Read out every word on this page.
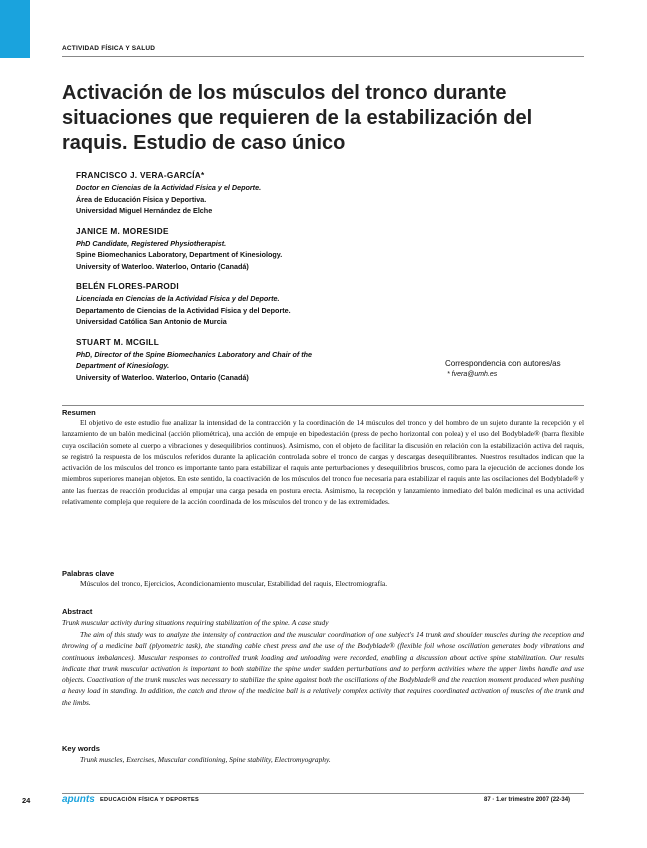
ACTIVIDAD FÍSICA Y SALUD
Activación de los músculos del tronco durante situaciones que requieren de la estabilización del raquis. Estudio de caso único
FRANCISCO J. VERA-GARCÍA*
Doctor en Ciencias de la Actividad Física y el Deporte.
Área de Educación Física y Deportiva.
Universidad Miguel Hernández de Elche
JANICE M. MORESIDE
PhD Candidate, Registered Physiotherapist.
Spine Biomechanics Laboratory, Department of Kinesiology.
University of Waterloo. Waterloo, Ontario (Canadá)
BELÉN FLORES-PARODI
Licenciada en Ciencias de la Actividad Física y del Deporte.
Departamento de Ciencias de la Actividad Física y del Deporte.
Universidad Católica San Antonio de Murcia
STUART M. MCGILL
PhD, Director of the Spine Biomechanics Laboratory and Chair of the Department of Kinesiology.
University of Waterloo. Waterloo, Ontario (Canadá)
Correspondencia con autores/as
* fvera@umh.es
Resumen
El objetivo de este estudio fue analizar la intensidad de la contracción y la coordinación de 14 músculos del tronco y del hombro de un sujeto durante la recepción y el lanzamiento de un balón medicinal (acción pliométrica), una acción de empuje en bipedestación (press de pecho horizontal con polea) y el uso del Bodyblade® (barra flexible cuya oscilación somete al cuerpo a vibraciones y desequilibrios continuos). Asimismo, con el objeto de facilitar la discusión en relación con la estabilización activa del raquis, se registró la respuesta de los músculos referidos durante la aplicación controlada sobre el tronco de cargas y descargas desequilibrantes. Nuestros resultados indican que la activación de los músculos del tronco es importante tanto para estabilizar el raquis ante perturbaciones y desequilibrios bruscos, como para la ejecución de acciones donde los miembros superiores manejan objetos. En este sentido, la coactivación de los músculos del tronco fue necesaria para estabilizar el raquis ante las oscilaciones del Bodyblade® y ante las fuerzas de reacción producidas al empujar una carga pesada en postura erecta. Asimismo, la recepción y lanzamiento inmediato del balón medicinal es una actividad relativamente compleja que requiere de la acción coordinada de los músculos del tronco y de las extremidades.
Palabras clave
Músculos del tronco, Ejercicios, Acondicionamiento muscular, Estabilidad del raquis, Electromiografía.
Abstract
Trunk muscular activity during situations requiring stabilization of the spine. A case study
The aim of this study was to analyze the intensity of contraction and the muscular coordination of one subject's 14 trunk and shoulder muscles during the reception and throwing of a medicine ball (plyometric task), the standing cable chest press and the use of the Bodyblade® (flexible foil whose oscillation generates body vibrations and continuous imbalances). Muscular responses to controlled trunk loading and unloading were recorded, enabling a discussion about active spine stabilization. Our results indicate that trunk muscular activation is important to both stabilize the spine under sudden perturbations and to perform activities where the upper limbs handle and use objects. Coactivation of the trunk muscles was necessary to stabilize the spine against both the oscillations of the Bodyblade® and the reaction moment produced when pushing a heavy load in standing. In addition, the catch and throw of the medicine ball is a relatively complex activity that requires coordinated activation of muscles of the trunk and the limbs.
Key words
Trunk muscles, Exercises, Muscular conditioning, Spine stability, Electromyography.
24	apunts EDUCACIÓN FÍSICA Y DEPORTES	87 · 1.er trimestre 2007 (22-34)
